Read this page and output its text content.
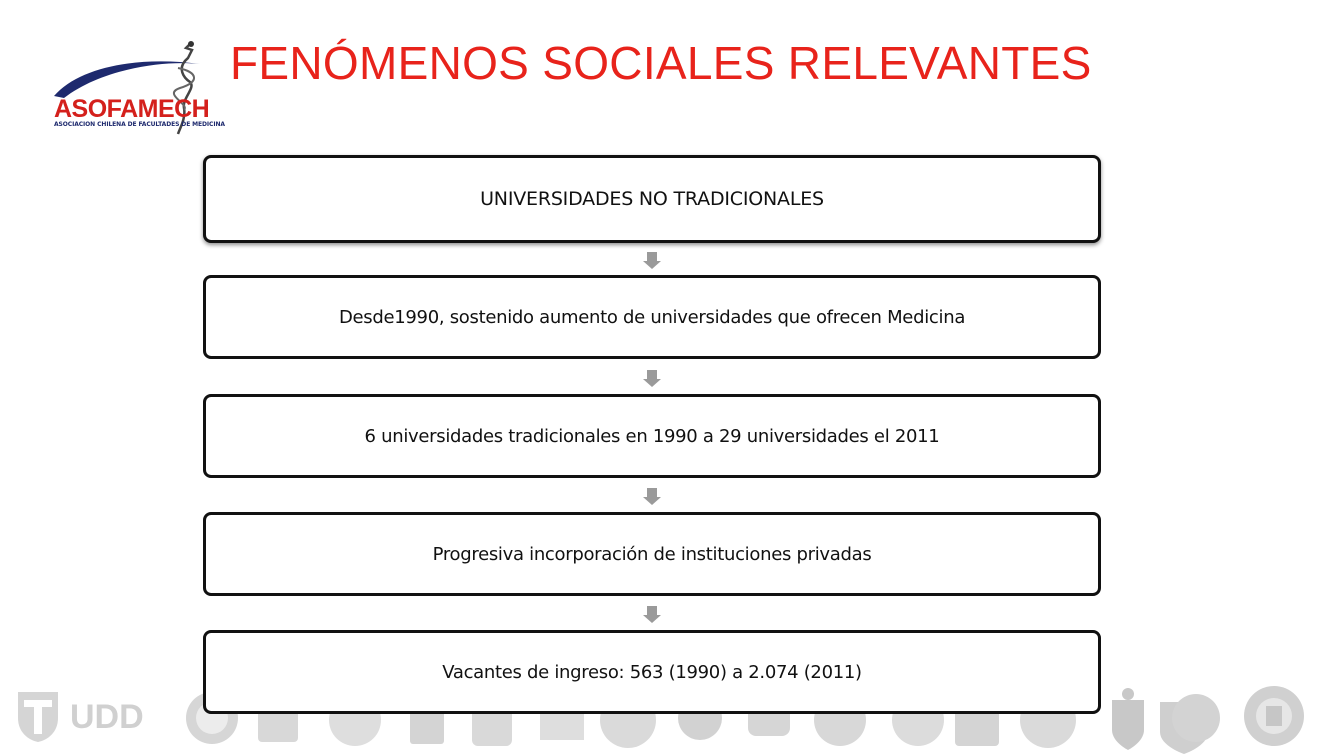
ASOFAMECH
ASOCIACION CHILENA DE FACULTADES DE MEDICINA
FENÓMENOS SOCIALES RELEVANTES
UNIVERSIDADES NO TRADICIONALES
Desde1990, sostenido aumento de universidades que ofrecen Medicina
6 universidades tradicionales en 1990 a 29 universidades el 2011
Progresiva incorporación de instituciones privadas
UDD
Vacantes de ingreso: 563 (1990) a 2.074 (2011)
